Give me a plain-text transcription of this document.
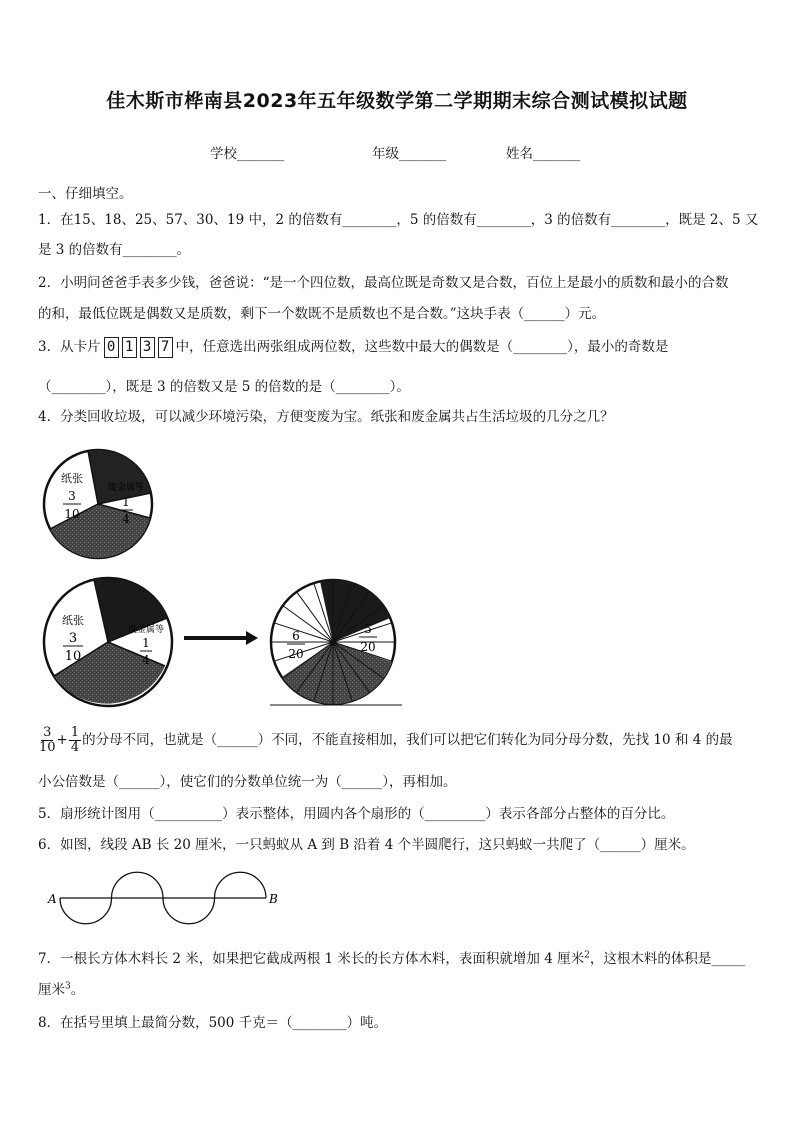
佳木斯市桦南县2023年五年级数学第二学期期末综合测试模拟试题
学校_______	年级_______	姓名_______
一、仔细填空。
1．在15、18、25、57、30、19 中，2 的倍数有________，5 的倍数有________，3 的倍数有________，既是 2、5 又
是 3 的倍数有________。
2．小明问爸爸手表多少钱，爸爸说：“是一个四位数，最高位既是奇数又是合数，百位上是最小的质数和最小的合数
的和，最低位既是偶数又是质数，剩下一个数既不是质数也不是合数。”这块手表（______）元。
3．从卡片 0 1 3 7 中，任意选出两张组成两位数，这些数中最大的偶数是（________），最小的奇数是
（________），既是 3 的倍数又是 5 的倍数的是（________）。
4．分类回收垃圾，可以减少环境污染，方便变废为宝。纸张和废金属共占生活垃圾的几分之几？
纸张
3
10
废金属等
1
4
纸张
3
10
废金属等
1
4
6
20
5
20
$\frac{3}{10} + \frac{1}{4}$ 的分母不同，也就是（______）不同，不能直接相加，我们可以把它们转化为同分母分数，先找 10 和 4 的最
小公倍数是（______），使它们的分数单位统一为（______），再相加。
5．扇形统计图用（__________）表示整体，用圆内各个扇形的（_________）表示各部分占整体的百分比。
6．如图，线段 AB 长 20 厘米，一只蚂蚁从 A 到 B 沿着 4 个半圆爬行，这只蚂蚁一共爬了（______）厘米。
A	B
7．一根长方体木料长 2 米，如果把它截成两根 1 米长的长方体木料，表面积就增加 4 厘米$^2$，这根木料的体积是_____
厘米$^3$。
8．在括号里填上最简分数，500 千克＝（________）吨。
